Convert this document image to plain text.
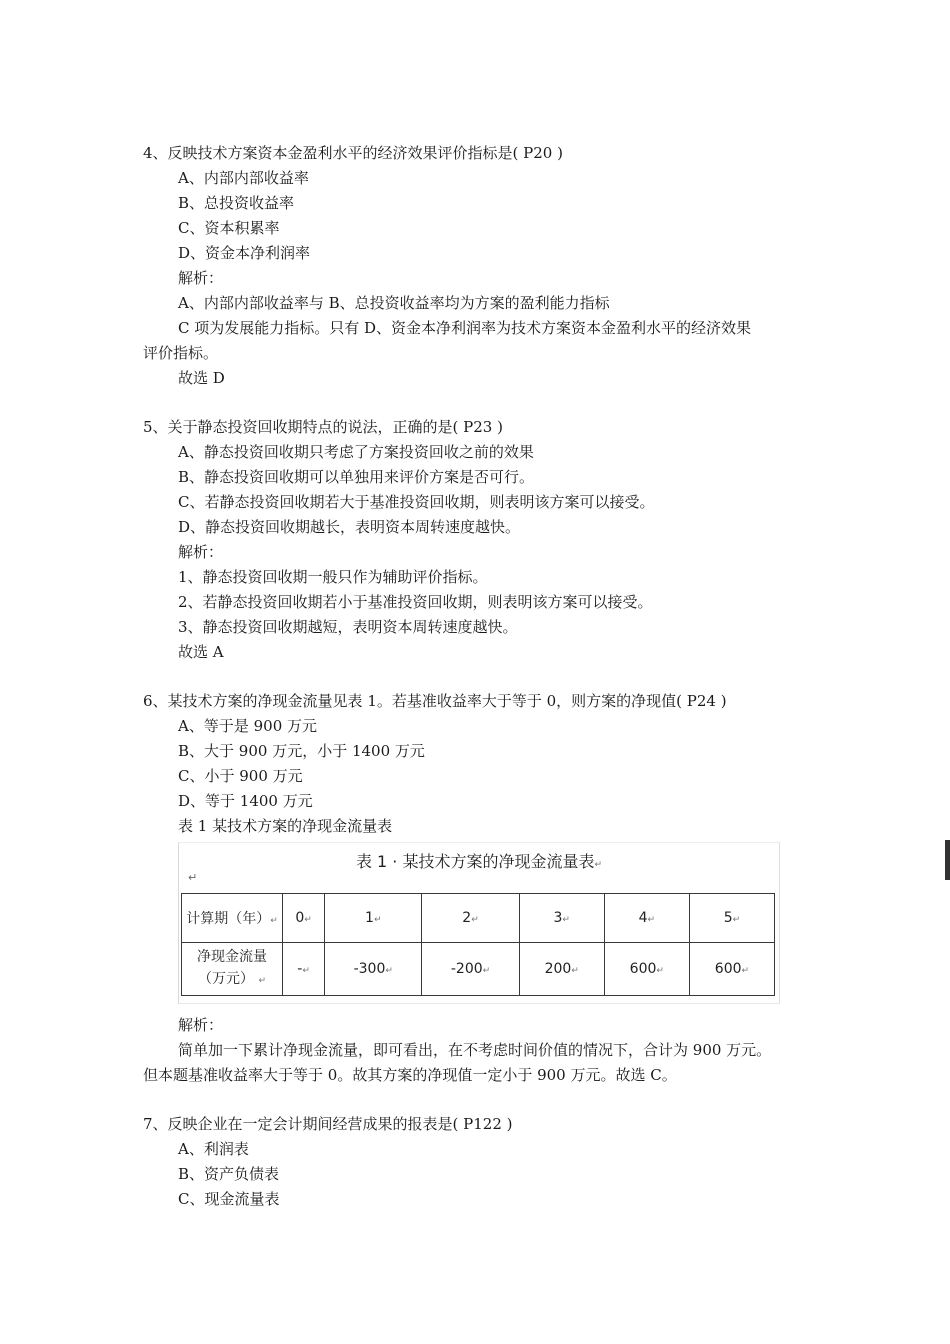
4、反映技术方案资本金盈利水平的经济效果评价指标是( P20 )
A、内部内部收益率
B、总投资收益率
C、资本积累率
D、资金本净利润率
解析：
A、内部内部收益率与 B、总投资收益率均为方案的盈利能力指标
C 项为发展能力指标。只有 D、资金本净利润率为技术方案资本金盈利水平的经济效果
评价指标。
故选 D
5、关于静态投资回收期特点的说法，正确的是( P23 )
A、静态投资回收期只考虑了方案投资回收之前的效果
B、静态投资回收期可以单独用来评价方案是否可行。
C、若静态投资回收期若大于基准投资回收期，则表明该方案可以接受。
D、静态投资回收期越长，表明资本周转速度越快。
解析：
1、静态投资回收期一般只作为辅助评价指标。
2、若静态投资回收期若小于基准投资回收期，则表明该方案可以接受。
3、静态投资回收期越短，表明资本周转速度越快。
故选 A
6、某技术方案的净现金流量见表 1。若基准收益率大于等于 0，则方案的净现值( P24 )
A、等于是 900 万元
B、大于 900 万元，小于 1400 万元
C、小于 900 万元
D、等于 1400 万元
表 1 某技术方案的净现金流量表
表 1 · 某技术方案的净现金流量表↵
↵
计算期（年）↵	0↵	1↵	2↵	3↵	4↵	5↵

净现金流量
（万元） ↵	-↵	-300↵	-200↵	200↵	600↵	600↵
解析：
简单加一下累计净现金流量，即可看出，在不考虑时间价值的情况下，合计为 900 万元。
但本题基准收益率大于等于 0。故其方案的净现值一定小于 900 万元。故选 C。
7、反映企业在一定会计期间经营成果的报表是( P122 )
A、利润表
B、资产负债表
C、现金流量表
